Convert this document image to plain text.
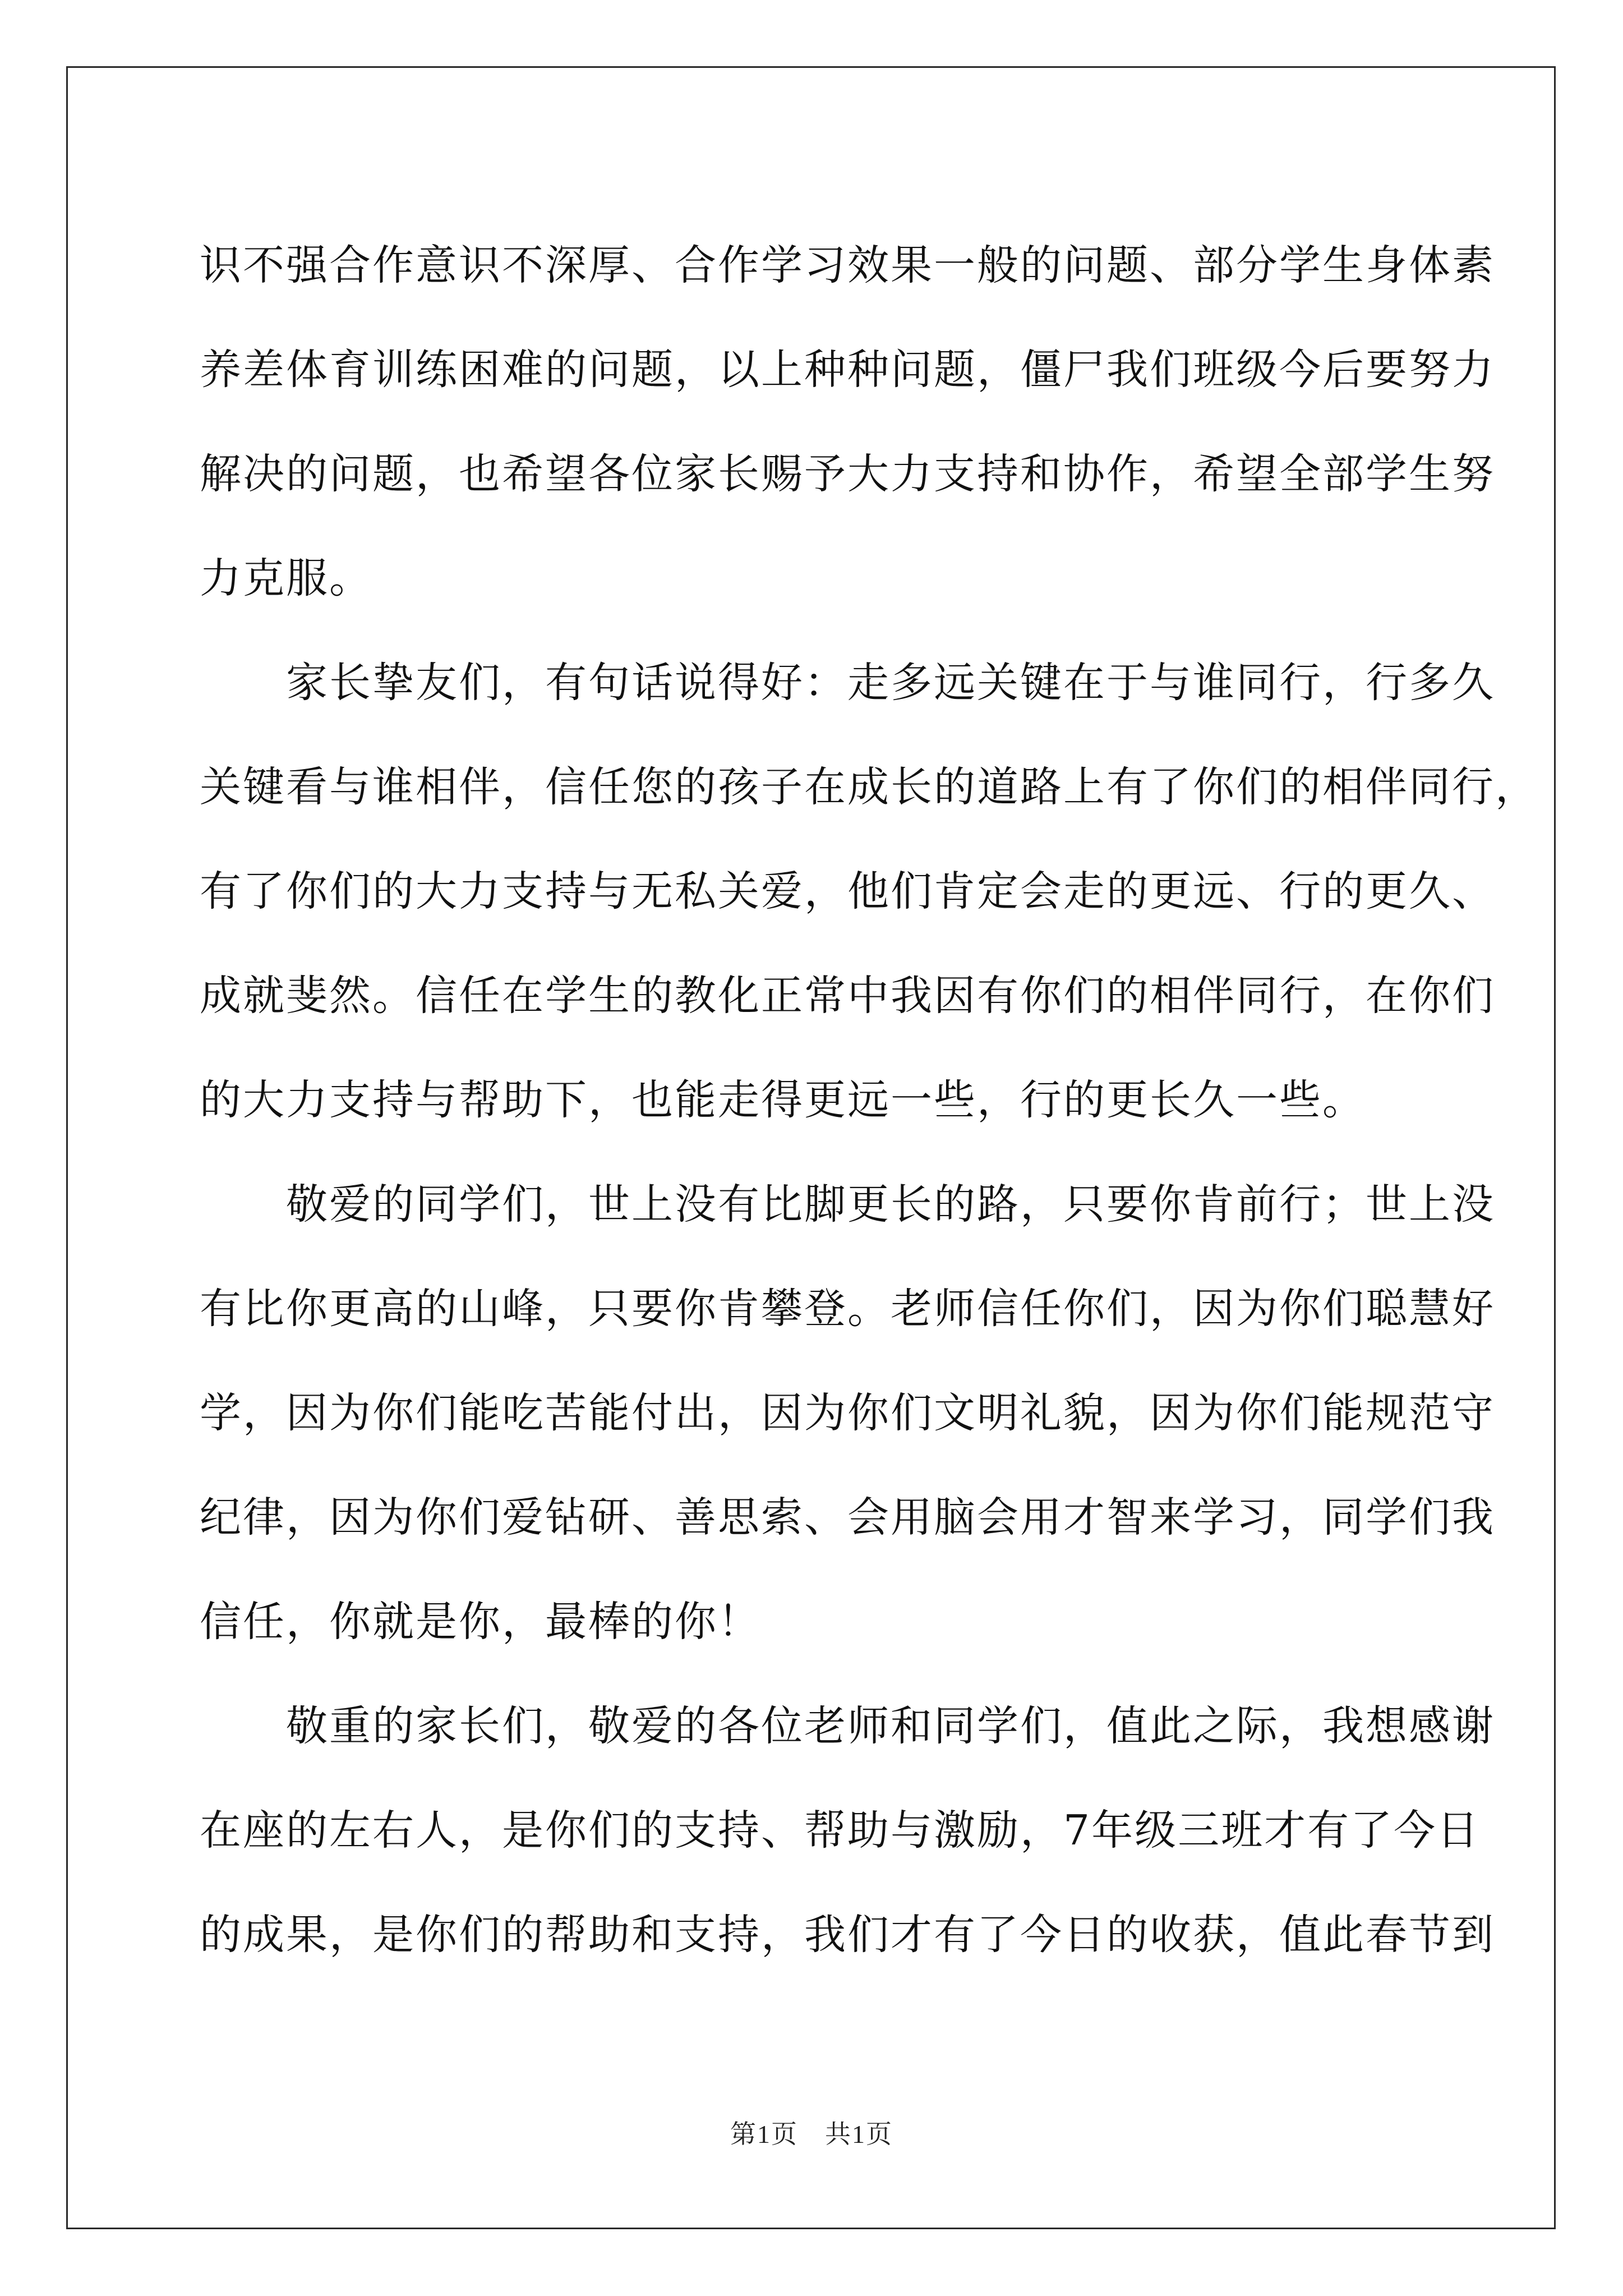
识不强合作意识不深厚、合作学习效果一般的问题、部分学生身体素
养差体育训练困难的问题，以上种种问题，僵尸我们班级今后要努力
解决的问题，也希望各位家长赐予大力支持和协作，希望全部学生努
力克服。
　　家长挚友们，有句话说得好：走多远关键在于与谁同行，行多久
关键看与谁相伴，信任您的孩子在成长的道路上有了你们的相伴同行，
有了你们的大力支持与无私关爱，他们肯定会走的更远、行的更久、
成就斐然。信任在学生的教化正常中我因有你们的相伴同行，在你们
的大力支持与帮助下，也能走得更远一些，行的更长久一些。
　　敬爱的同学们，世上没有比脚更长的路，只要你肯前行；世上没
有比你更高的山峰，只要你肯攀登。老师信任你们，因为你们聪慧好
学，因为你们能吃苦能付出，因为你们文明礼貌，因为你们能规范守
纪律，因为你们爱钻研、善思索、会用脑会用才智来学习，同学们我
信任，你就是你，最棒的你！
　　敬重的家长们，敬爱的各位老师和同学们，值此之际，我想感谢
在座的左右人，是你们的支持、帮助与激励，7年级三班才有了今日
的成果，是你们的帮助和支持，我们才有了今日的收获，值此春节到
第1页　共1页
